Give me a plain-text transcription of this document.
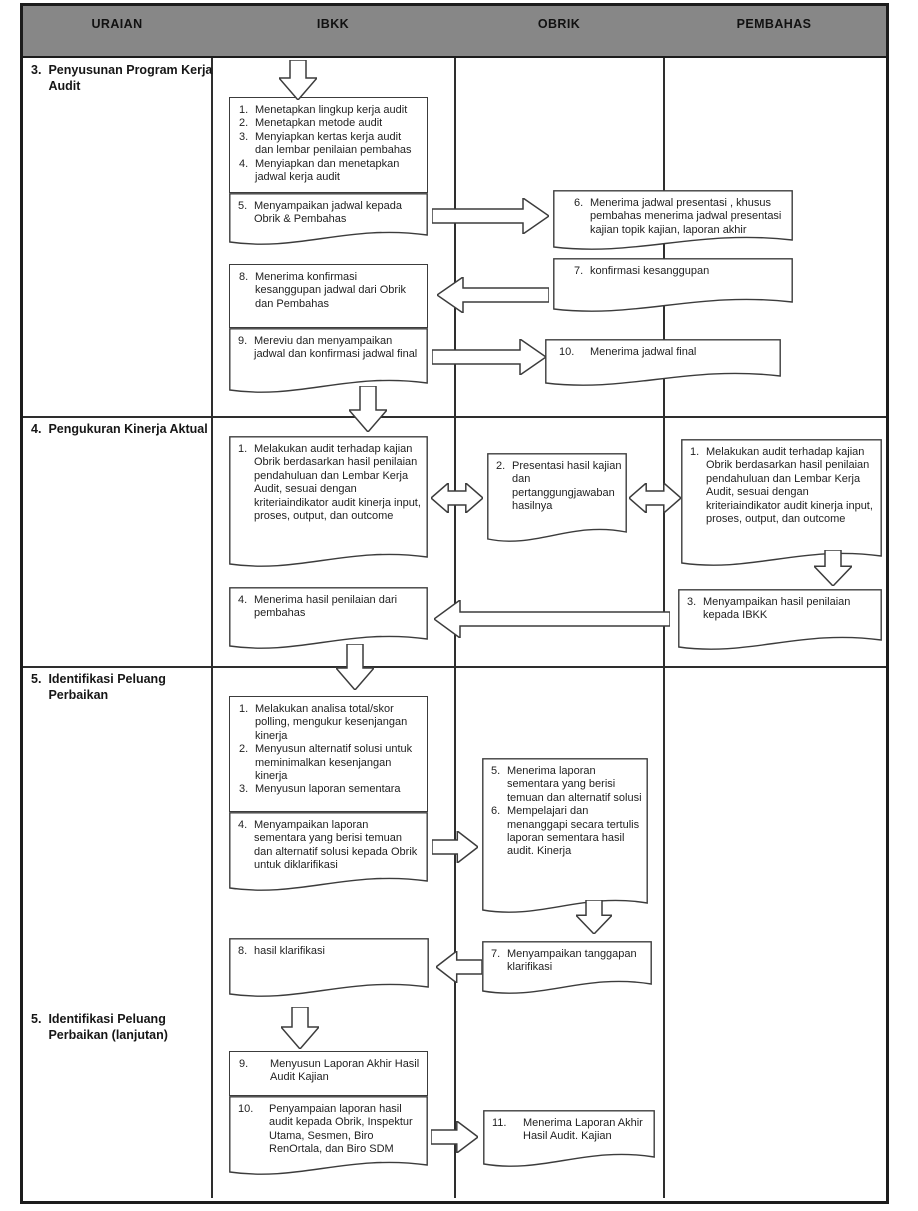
URAIAN	IBKK	OBRIK	PEMBAHAS
3. Penyusunan Program Kerja Audit
4. Pengukuran Kinerja Aktual
5. Identifikasi Peluang Perbaikan
5. Identifikasi Peluang Perbaikan (lanjutan)
1. Menetapkan lingkup kerja audit
2. Menetapkan metode audit
3. Menyiapkan kertas kerja audit dan lembar penilaian pembahas
4. Menyiapkan dan menetapkan jadwal kerja audit
5. Menyampaikan jadwal kepada Obrik & Pembahas
6. Menerima jadwal presentasi , khusus pembahas menerima jadwal presentasi kajian topik kajian, laporan akhir
7. konfirmasi kesanggupan
8. Menerima konfirmasi kesanggupan jadwal dari Obrik dan Pembahas
9. Mereviu dan menyampaikan jadwal dan konfirmasi jadwal final	10.	Menerima jadwal final
1. Melakukan audit terhadap kajian Obrik berdasarkan hasil penilaian pendahuluan dan Lembar Kerja Audit, sesuai dengan kriteriaindikator audit kinerja input, proses, output, dan outcome
2. Presentasi hasil kajian dan pertanggungjawaban hasilnya
1. Melakukan audit terhadap kajian Obrik berdasarkan hasil penilaian pendahuluan dan Lembar Kerja Audit, sesuai dengan kriteriaindikator audit kinerja input, proses, output, dan outcome
3. Menyampaikan hasil penilaian kepada IBKK
4. Menerima hasil penilaian dari pembahas
1. Melakukan analisa total/skor polling, mengukur kesenjangan kinerja
2. Menyusun alternatif solusi untuk meminimalkan kesenjangan kinerja
3. Menyusun laporan sementara
4. Menyampaikan laporan sementara yang berisi temuan dan alternatif solusi kepada Obrik untuk diklarifikasi
5. Menerima laporan sementara yang berisi temuan dan alternatif solusi
6. Mempelajari dan menanggapi secara tertulis laporan sementara hasil audit. Kinerja
7. Menyampaikan tanggapan klarifikasi
8. hasil klarifikasi
9.	Menyusun Laporan Akhir Hasil Audit Kajian
10.	Penyampaian laporan hasil audit kepada Obrik, Inspektur Utama, Sesmen, Biro RenOrtala, dan Biro SDM
11.	Menerima Laporan Akhir Hasil Audit. Kajian
